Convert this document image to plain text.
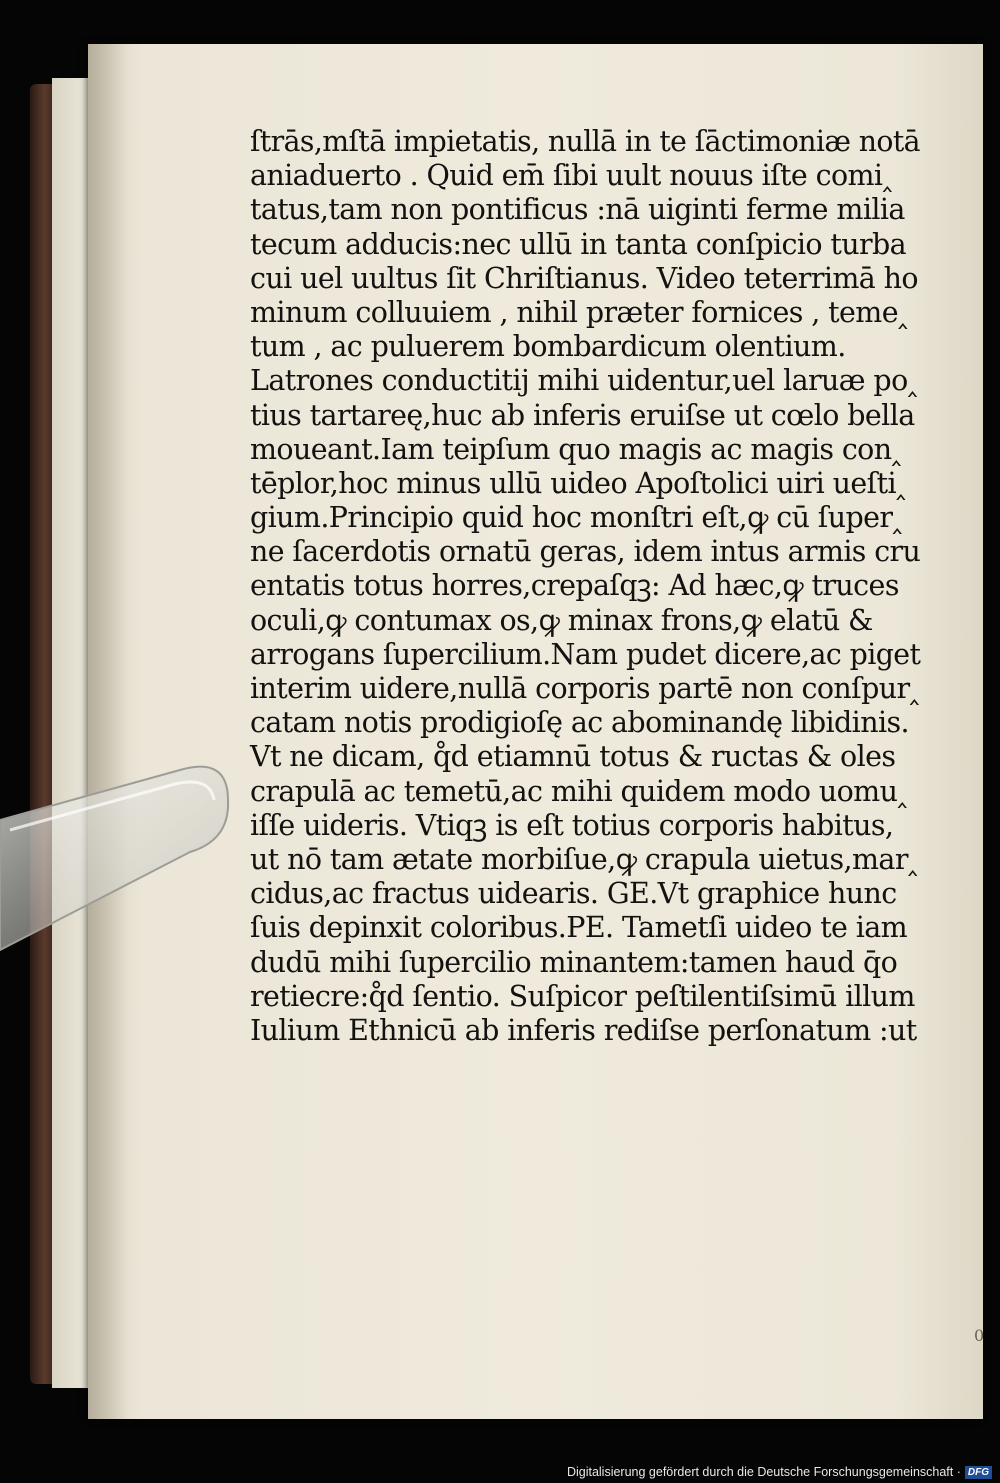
ſtrās,mſtā impietatis, nullā in te ſāctimoniæ notā
aniaduerto . Quid em̄ ſibi uult nouus iſte comi‸
tatus,tam non pontificus :nā uiginti ferme milia
tecum adducis:nec ullū in tanta conſpicio turba
cui uel uultus ſit Chriſtianus. Video teterrimā ho
minum colluuiem , nihil præter fornices , teme‸
tum , ac puluerem bombardicum olentium.
Latrones conductitij mihi uidentur,uel laruæ po‸
tius tartareę,huc ab inferis eruiſse ut cœlo bella
moueant.Iam teipſum quo magis ac magis con‸
tēplor,hoc minus ullū uideo Apoſtolici uiri ueſti‸
gium.Principio quid hoc monſtri eſt,ꝙ cū ſuper‸
ne ſacerdotis ornatū geras, idem intus armis cru
entatis totus horres,crepaſqꝫ: Ad hæc,ꝙ truces
oculi,ꝙ contumax os,ꝙ minax frons,ꝙ elatū &
arrogans ſupercilium.Nam pudet dicere,ac piget
interim uidere,nullā corporis partē non conſpur‸
catam notis prodigioſę ac abominandę libidinis.
Vt ne dicam, q̊d etiamnū totus & ructas & oles
crapulā ac temetū,ac mihi quidem modo uomu‸
iſſe uideris. Vtiqꝫ is eſt totius corporis habitus,
ut nō tam ætate morbiſue,ꝙ crapula uietus,mar‸
cidus,ac fractus uidearis. GE.Vt graphice hunc
ſuis depinxit coloribus.PE. Tametſi uideo te iam
dudū mihi ſupercilio minantem:tamen haud q̄o
retiecre:q̊d ſentio. Suſpicor peſtilentiſsimū illum
Iulium Ethnicū ab inferis rediſse perſonatum :ut
0
Digitalisierung gefördert durch die Deutsche Forschungsgemeinschaft · DFG
